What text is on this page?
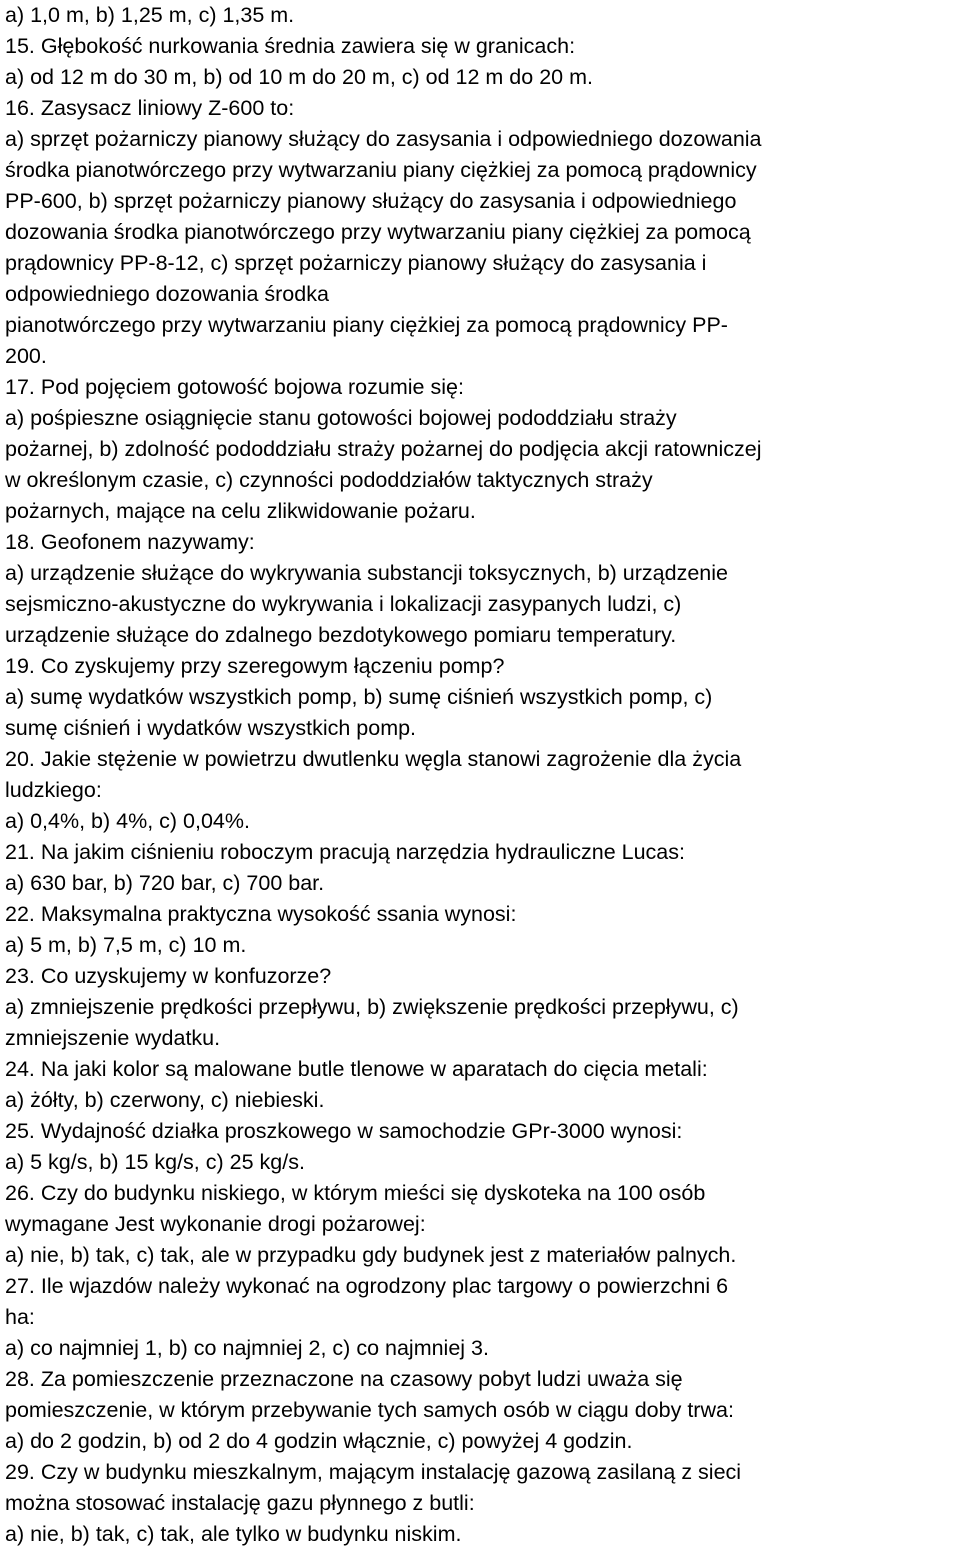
a) 1,0 m, b) 1,25 m, c) 1,35 m.
15. Głębokość nurkowania średnia zawiera się w granicach:
a) od 12 m do 30 m, b) od 10 m do 20 m, c) od 12 m do 20 m.
16. Zasysacz liniowy Z-600 to:
a) sprzęt pożarniczy pianowy służący do zasysania i odpowiedniego dozowania
środka pianotwórczego przy wytwarzaniu piany ciężkiej za pomocą prądownicy
PP-600, b) sprzęt pożarniczy pianowy służący do zasysania i odpowiedniego
dozowania środka pianotwórczego przy wytwarzaniu piany ciężkiej za pomocą
prądownicy PP-8-12, c) sprzęt pożarniczy pianowy służący do zasysania i
odpowiedniego dozowania środka
pianotwórczego przy wytwarzaniu piany ciężkiej za pomocą prądownicy PP-
200.
17. Pod pojęciem gotowość bojowa rozumie się:
a) pośpieszne osiągnięcie stanu gotowości bojowej pododdziału straży
pożarnej, b) zdolność pododdziału straży pożarnej do podjęcia akcji ratowniczej
w określonym czasie, c) czynności pododdziałów taktycznych straży
pożarnych, mające na celu zlikwidowanie pożaru.
18. Geofonem nazywamy:
a) urządzenie służące do wykrywania substancji toksycznych, b) urządzenie
sejsmiczno-akustyczne do wykrywania i lokalizacji zasypanych ludzi, c)
urządzenie służące do zdalnego bezdotykowego pomiaru temperatury.
19. Co zyskujemy przy szeregowym łączeniu pomp?
a) sumę wydatków wszystkich pomp, b) sumę ciśnień wszystkich pomp, c)
sumę ciśnień i wydatków wszystkich pomp.
20. Jakie stężenie w powietrzu dwutlenku węgla stanowi zagrożenie dla życia
ludzkiego:
a) 0,4%, b) 4%, c) 0,04%.
21. Na jakim ciśnieniu roboczym pracują narzędzia hydrauliczne Lucas:
a) 630 bar, b) 720 bar, c) 700 bar.
22. Maksymalna praktyczna wysokość ssania wynosi:
a) 5 m, b) 7,5 m, c) 10 m.
23. Co uzyskujemy w konfuzorze?
a) zmniejszenie prędkości przepływu, b) zwiększenie prędkości przepływu, c)
zmniejszenie wydatku.
24. Na jaki kolor są malowane butle tlenowe w aparatach do cięcia metali:
a) żółty, b) czerwony, c) niebieski.
25. Wydajność działka proszkowego w samochodzie GPr-3000 wynosi:
a) 5 kg/s, b) 15 kg/s, c) 25 kg/s.
26. Czy do budynku niskiego, w którym mieści się dyskoteka na 100 osób
wymagane Jest wykonanie drogi pożarowej:
a) nie, b) tak, c) tak, ale w przypadku gdy budynek jest z materiałów palnych.
27. Ile wjazdów należy wykonać na ogrodzony plac targowy o powierzchni 6
ha:
a) co najmniej 1, b) co najmniej 2, c) co najmniej 3.
28. Za pomieszczenie przeznaczone na czasowy pobyt ludzi uważa się
pomieszczenie, w którym przebywanie tych samych osób w ciągu doby trwa:
a) do 2 godzin, b) od 2 do 4 godzin włącznie, c) powyżej 4 godzin.
29. Czy w budynku mieszkalnym, mającym instalację gazową zasilaną z sieci
można stosować instalację gazu płynnego z butli:
a) nie, b) tak, c) tak, ale tylko w budynku niskim.
